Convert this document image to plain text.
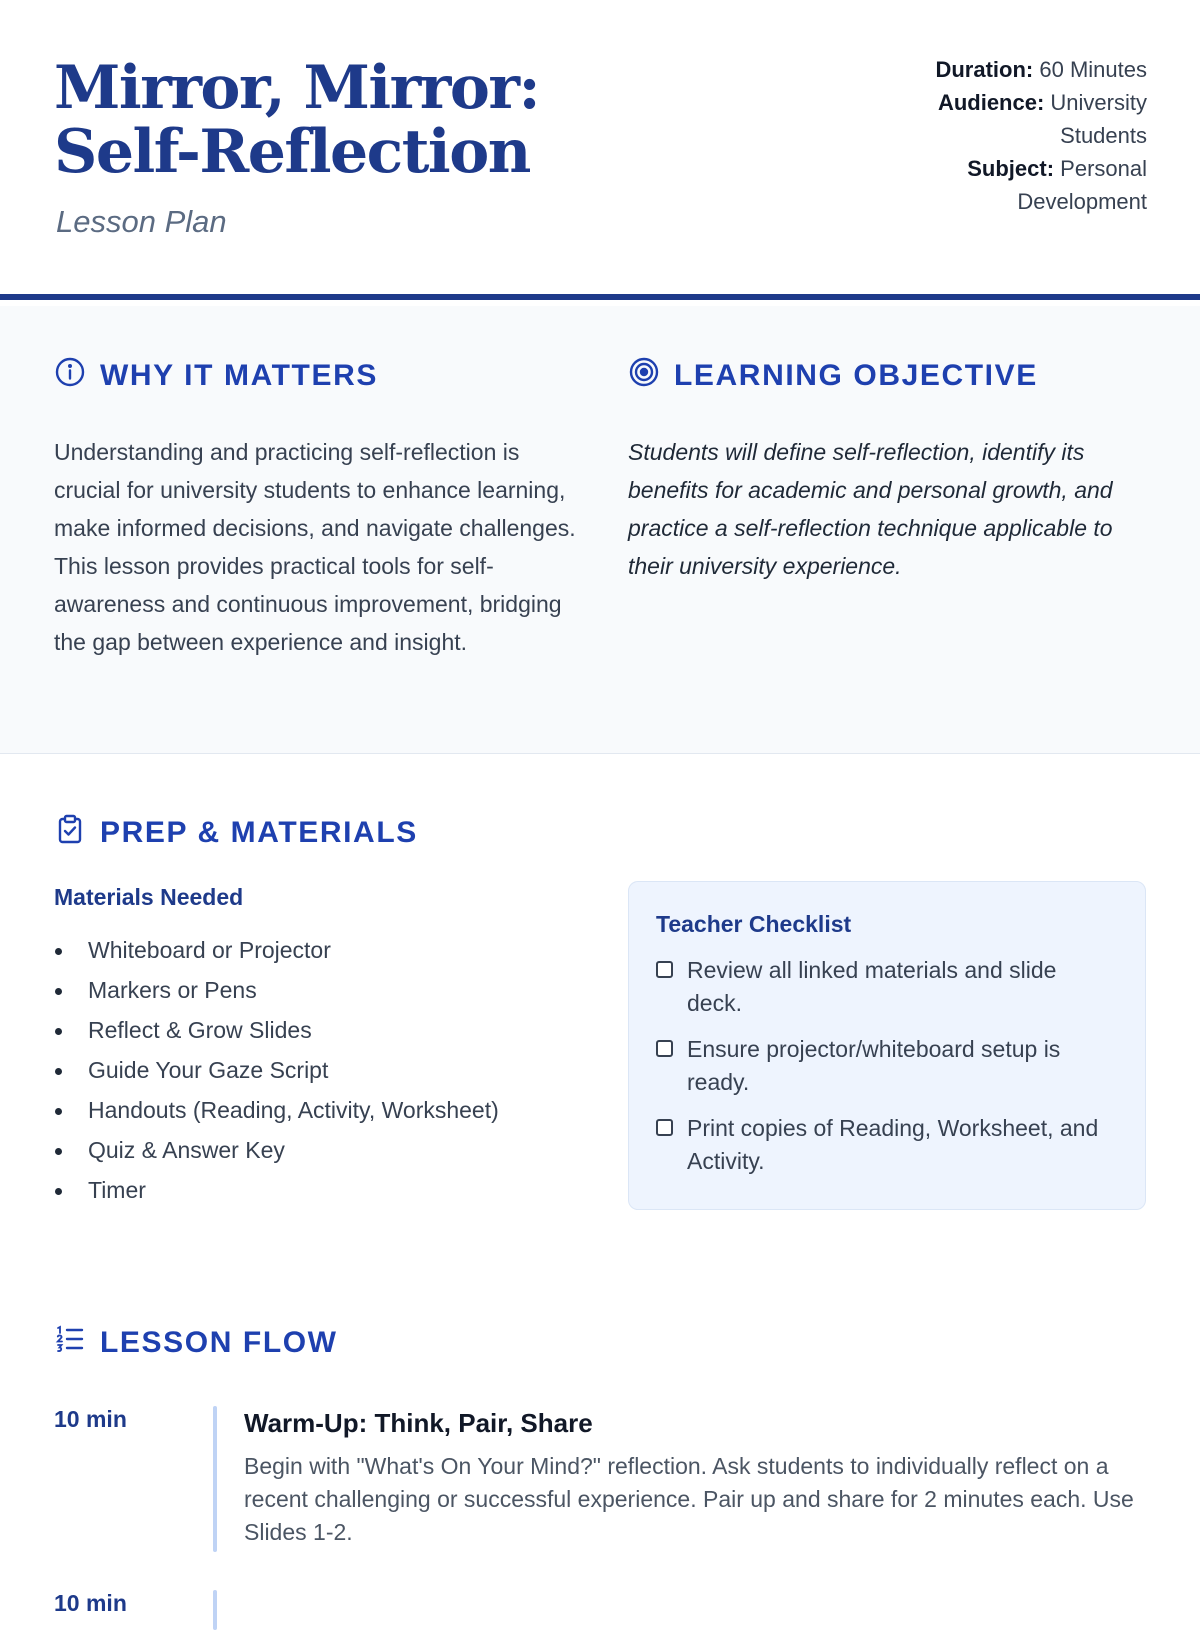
Mirror, Mirror: Self-Reflection

Lesson Plan

Duration: 60 Minutes
Audience: University Students
Subject: Personal Development
WHY IT MATTERS

Understanding and practicing self-reflection is crucial for university students to enhance learning, make informed decisions, and navigate challenges. This lesson provides practical tools for self-awareness and continuous improvement, bridging the gap between experience and insight.

LEARNING OBJECTIVE

Students will define self-reflection, identify its benefits for academic and personal growth, and practice a self-reflection technique applicable to their university experience.

PREP & MATERIALS
Materials Needed
Whiteboard or Projector
Markers or Pens
Reflect & Grow Slides
Guide Your Gaze Script
Handouts (Reading, Activity, Worksheet)
Quiz & Answer Key
Timer
Teacher Checklist
Review all linked materials and slide deck.
Ensure projector/whiteboard setup is ready.
Print copies of Reading, Worksheet, and Activity.
LESSON FLOW
10 min	Warm-Up: Think, Pair, Share

Begin with "What's On Your Mind?" reflection. Ask students to individually reflect on a recent challenging or successful experience. Pair up and share for 2 minutes each. Use Slides 1-2.

10 min
